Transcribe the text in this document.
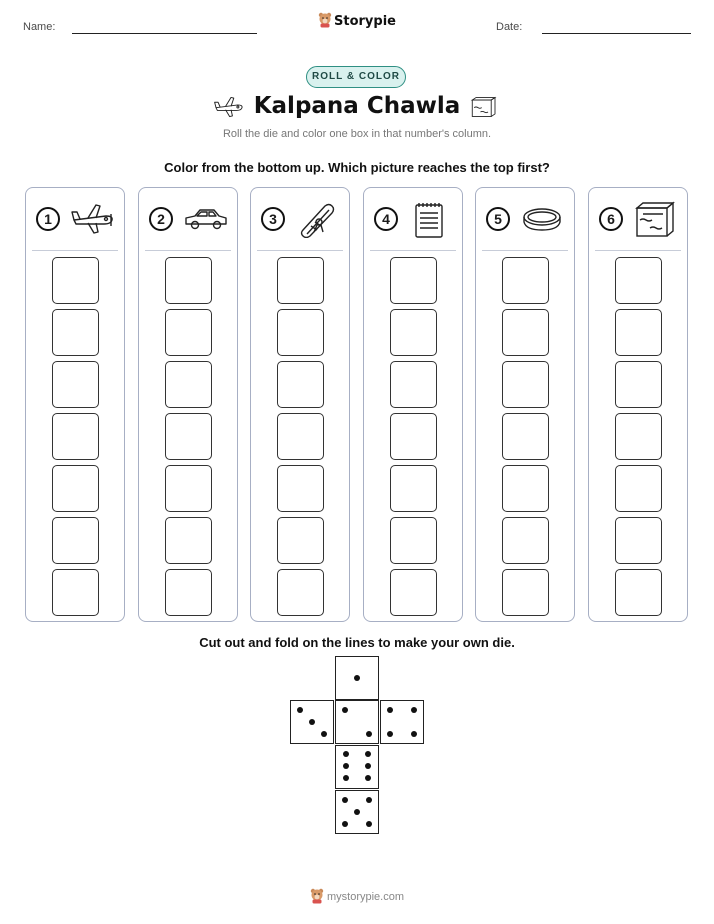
Name:	Storypie	Date:
ROLL & COLOR
Kalpana Chawla
Roll the die and color one box in that number's column.
Color from the bottom up. Which picture reaches the top first?
1	2	3	4	5	6
Cut out and fold on the lines to make your own die.
mystorypie.com
